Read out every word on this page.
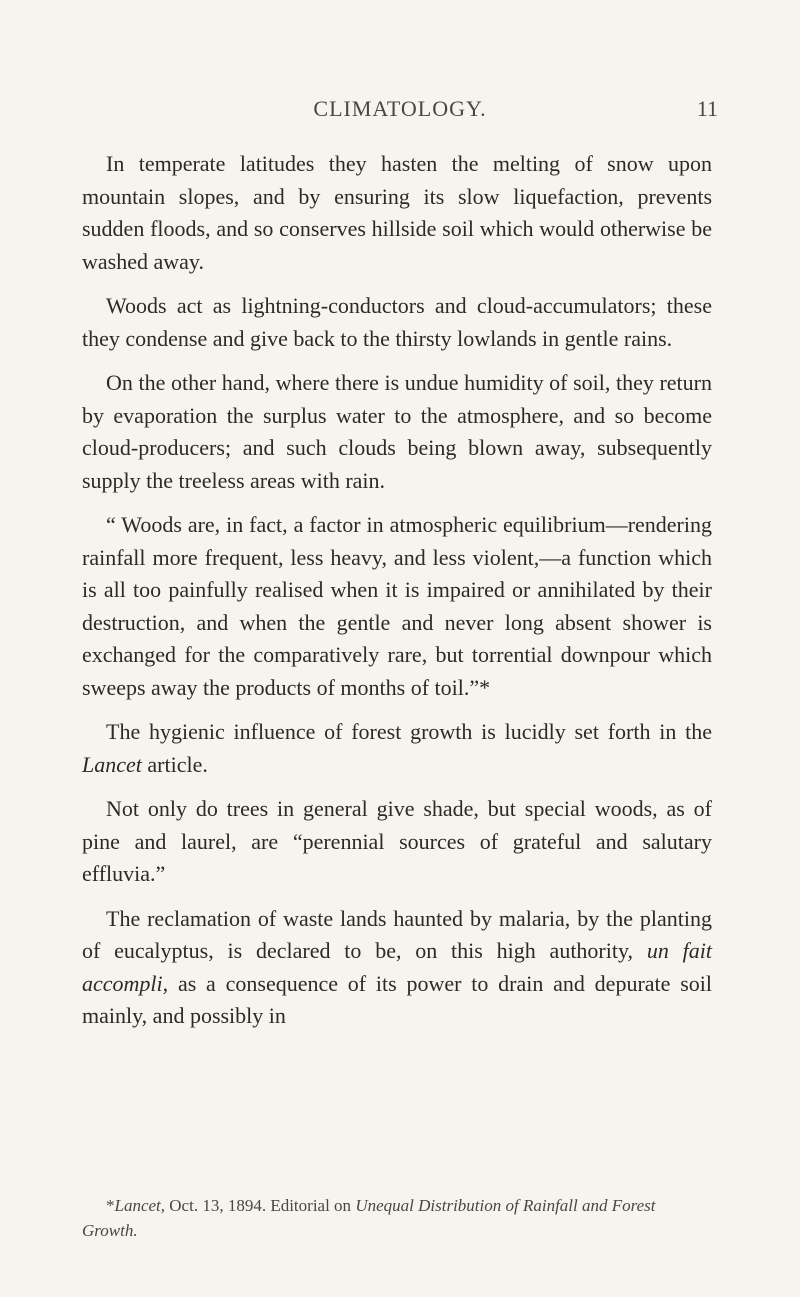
CLIMATOLOGY.	11

In temperate latitudes they hasten the melting of snow upon mountain slopes, and by ensuring its slow liquefaction, prevents sudden floods, and so conserves hillside soil which would otherwise be washed away.

Woods act as lightning-conductors and cloud-accumulators; these they condense and give back to the thirsty lowlands in gentle rains.

On the other hand, where there is undue humidity of soil, they return by evaporation the surplus water to the atmosphere, and so become cloud-producers; and such clouds being blown away, subsequently supply the treeless areas with rain.

“ Woods are, in fact, a factor in atmospheric equilibrium—rendering rainfall more frequent, less heavy, and less violent,—a function which is all too painfully realised when it is impaired or annihilated by their destruction, and when the gentle and never long absent shower is exchanged for the comparatively rare, but torrential downpour which sweeps away the products of months of toil.”*

The hygienic influence of forest growth is lucidly set forth in the Lancet article.

Not only do trees in general give shade, but special woods, as of pine and laurel, are “perennial sources of grateful and salutary effluvia.”

The reclamation of waste lands haunted by malaria, by the planting of eucalyptus, is declared to be, on this high authority, un fait accompli, as a consequence of its power to drain and depurate soil mainly, and possibly in

*Lancet, Oct. 13, 1894. Editorial on Unequal Distribution of Rainfall and Forest Growth.
